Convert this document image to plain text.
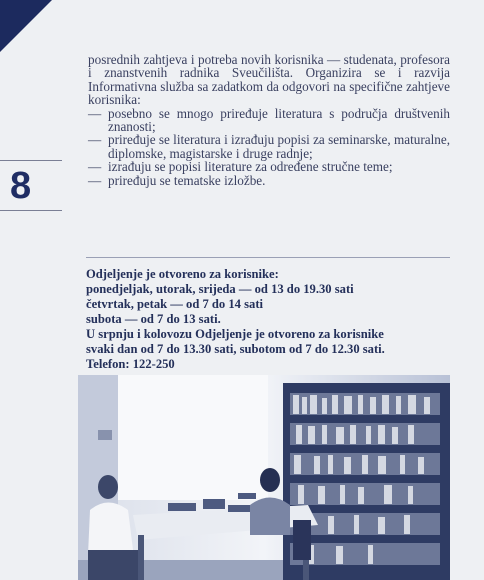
8

posrednih zahtjeva i potreba novih korisnika — studenata, profesora i znanstvenih radnika Sveučilišta. Organizira se i razvija Informativna služba sa zadatkom da odgovori na specifične zahtjeve korisnika:

— posebno se mnogo priređuje literatura s područja društvenih znanosti;
— priređuje se literatura i izrađuju popisi za seminarske, maturalne, diplomske, magistarske i druge radnje;
— izrađuju se popisi literature za određene stručne teme;
— priređuju se tematske izložbe.
Odjeljenje je otvoreno za korisnike:
ponedjeljak, utorak, srijeda — od 13 do 19.30 sati
četvrtak, petak — od 7 do 14 sati
subota — od 7 do 13 sati.
U srpnju i kolovozu Odjeljenje je otvoreno za korisnike
svaki dan od 7 do 13.30 sati, subotom od 7 do 12.30 sati.
Telefon: 122-250
